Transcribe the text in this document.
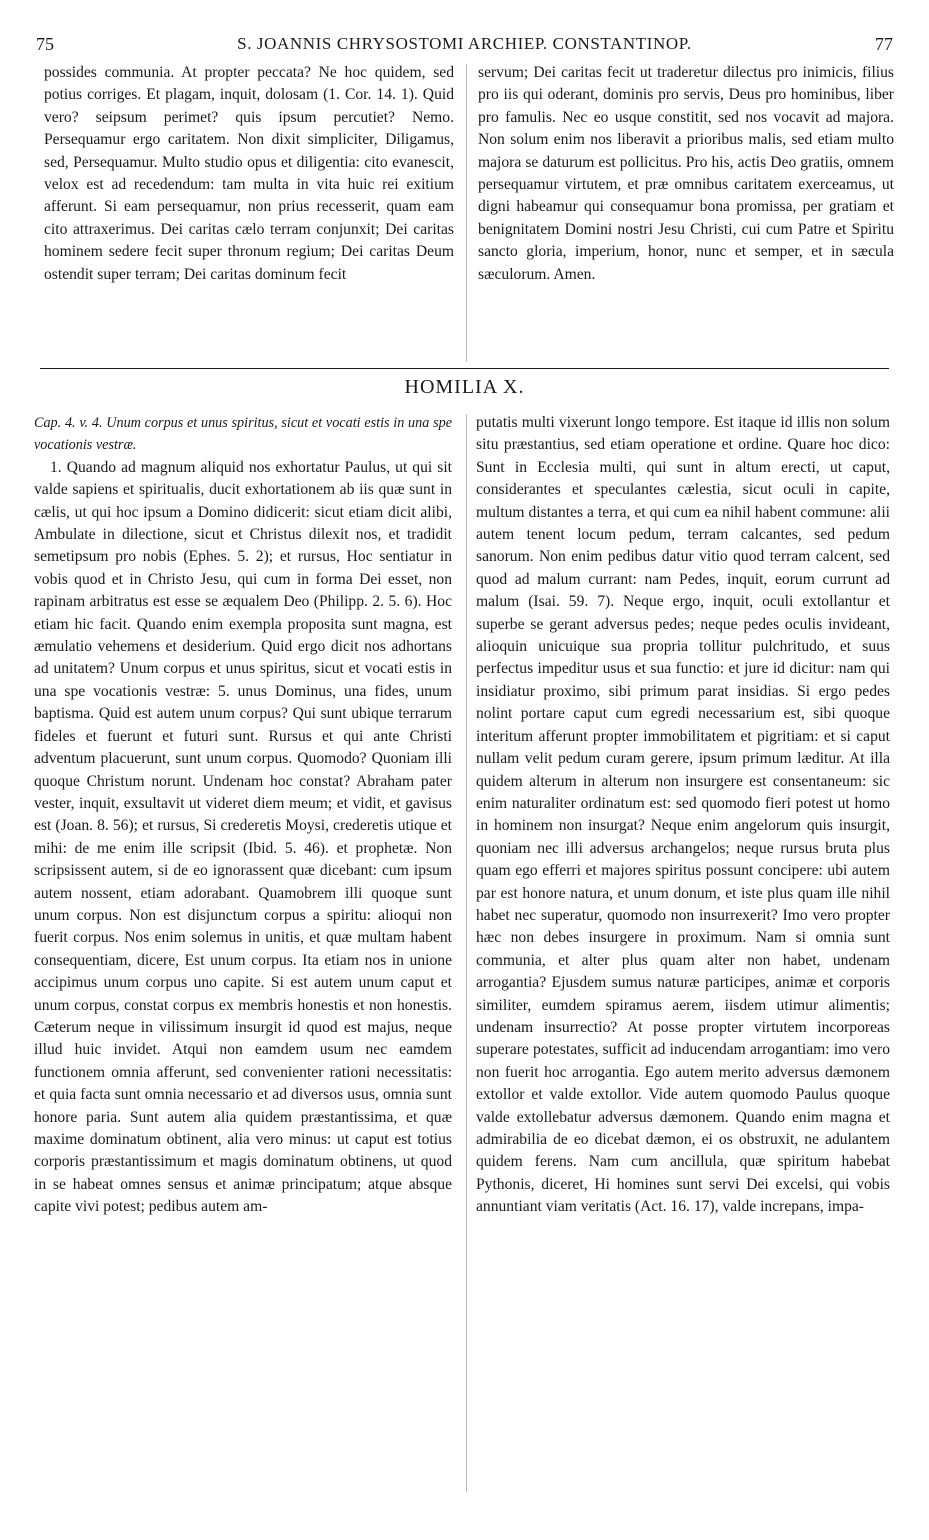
75	S. JOANNIS CHRYSOSTOMI ARCHIEP. CONSTANTINOP.	77

possides communia. At propter peccata? Ne hoc quidem, sed potius corriges. Et plagam, inquit, dolosam (1. Cor. 14. 1). Quid vero? seipsum perimet? quis ipsum percutiet? Nemo. Persequamur ergo caritatem. Non dixit simpliciter, Diligamus, sed, Persequamur. Multo studio opus et diligentia: cito evanescit, velox est ad recedendum: tam multa in vita huic rei exitium afferunt. Si eam persequamur, non prius recesserit, quam eam cito attraxerimus. Dei caritas cælo terram conjunxit; Dei caritas hominem sedere fecit super thronum regium; Dei caritas Deum ostendit super terram; Dei caritas dominum fecit

servum; Dei caritas fecit ut traderetur dilectus pro inimicis, filius pro iis qui oderant, dominis pro servis, Deus pro hominibus, liber pro famulis. Nec eo usque constitit, sed nos vocavit ad majora. Non solum enim nos liberavit a prioribus malis, sed etiam multo majora se daturum est pollicitus. Pro his, actis Deo gratiis, omnem persequamur virtutem, et præ omnibus caritatem exerceamus, ut digni habeamur qui consequamur bona promissa, per gratiam et benignitatem Domini nostri Jesu Christi, cui cum Patre et Spiritu sancto gloria, imperium, honor, nunc et semper, et in sæcula sæculorum. Amen.

HOMILIA X.

Cap. 4. v. 4. Unum corpus et unus spiritus, sicut et vocati estis in una spe vocationis vestræ.

1. Quando ad magnum aliquid nos exhortatur Paulus, ut qui sit valde sapiens et spiritualis, ducit exhortationem ab iis quæ sunt in cælis, ut qui hoc ipsum a Domino didicerit: sicut etiam dicit alibi, Ambulate in dilectione, sicut et Christus dilexit nos, et tradidit semetipsum pro nobis (Ephes. 5. 2); et rursus, Hoc sentiatur in vobis quod et in Christo Jesu, qui cum in forma Dei esset, non rapinam arbitratus est esse se æqualem Deo (Philipp. 2. 5. 6). Hoc etiam hic facit. Quando enim exempla proposita sunt magna, est æmulatio vehemens et desiderium. Quid ergo dicit nos adhortans ad unitatem? Unum corpus et unus spiritus, sicut et vocati estis in una spe vocationis vestræ: 5. unus Dominus, una fides, unum baptisma. Quid est autem unum corpus? Qui sunt ubique terrarum fideles et fuerunt et futuri sunt. Rursus et qui ante Christi adventum placuerunt, sunt unum corpus. Quomodo? Quoniam illi quoque Christum norunt. Undenam hoc constat? Abraham pater vester, inquit, exsultavit ut videret diem meum; et vidit, et gavisus est (Joan. 8. 56); et rursus, Si crederetis Moysi, crederetis utique et mihi: de me enim ille scripsit (Ibid. 5. 46). et prophetæ. Non scripsissent autem, si de eo ignorassent quæ dicebant: cum ipsum autem nossent, etiam adorabant. Quamobrem illi quoque sunt unum corpus. Non est disjunctum corpus a spiritu: alioqui non fuerit corpus. Nos enim solemus in unitis, et quæ multam habent consequentiam, dicere, Est unum corpus. Ita etiam nos in unione accipimus unum corpus uno capite. Si est autem unum caput et unum corpus, constat corpus ex membris honestis et non honestis. Cæterum neque in vilissimum insurgit id quod est majus, neque illud huic invidet. Atqui non eamdem usum nec eamdem functionem omnia afferunt, sed convenienter rationi necessitatis: et quia facta sunt omnia necessario et ad diversos usus, omnia sunt honore paria. Sunt autem alia quidem præstantissima, et quæ maxime dominatum obtinent, alia vero minus: ut caput est totius corporis præstantissimum et magis dominatum obtinens, ut quod in se habeat omnes sensus et animæ principatum; atque absque capite vivi potest; pedibus autem am-

putatis multi vixerunt longo tempore. Est itaque id illis non solum situ præstantius, sed etiam operatione et ordine. Quare hoc dico: Sunt in Ecclesia multi, qui sunt in altum erecti, ut caput, considerantes et speculantes cælestia, sicut oculi in capite, multum distantes a terra, et qui cum ea nihil habent commune: alii autem tenent locum pedum, terram calcantes, sed pedum sanorum. Non enim pedibus datur vitio quod terram calcent, sed quod ad malum currant: nam Pedes, inquit, eorum currunt ad malum (Isai. 59. 7). Neque ergo, inquit, oculi extollantur et superbe se gerant adversus pedes; neque pedes oculis invideant, alioquin unicuique sua propria tollitur pulchritudo, et suus perfectus impeditur usus et sua functio: et jure id dicitur: nam qui insidiatur proximo, sibi primum parat insidias. Si ergo pedes nolint portare caput cum egredi necessarium est, sibi quoque interitum afferunt propter immobilitatem et pigritiam: et si caput nullam velit pedum curam gerere, ipsum primum læditur. At illa quidem alterum in alterum non insurgere est consentaneum: sic enim naturaliter ordinatum est: sed quomodo fieri potest ut homo in hominem non insurgat? Neque enim angelorum quis insurgit, quoniam nec illi adversus archangelos; neque rursus bruta plus quam ego efferri et majores spiritus possunt concipere: ubi autem par est honore natura, et unum donum, et iste plus quam ille nihil habet nec superatur, quomodo non insurrexerit? Imo vero propter hæc non debes insurgere in proximum. Nam si omnia sunt communia, et alter plus quam alter non habet, undenam arrogantia? Ejusdem sumus naturæ participes, animæ et corporis similiter, eumdem spiramus aerem, iisdem utimur alimentis; undenam insurrectio? At posse propter virtutem incorporeas superare potestates, sufficit ad inducendam arrogantiam: imo vero non fuerit hoc arrogantia. Ego autem merito adversus dæmonem extollor et valde extollor. Vide autem quomodo Paulus quoque valde extollebatur adversus dæmonem. Quando enim magna et admirabilia de eo dicebat dæmon, ei os obstruxit, ne adulantem quidem ferens. Nam cum ancillula, quæ spiritum habebat Pythonis, diceret, Hi homines sunt servi Dei excelsi, qui vobis annuntiant viam veritatis (Act. 16. 17), valde increpans, impa-
